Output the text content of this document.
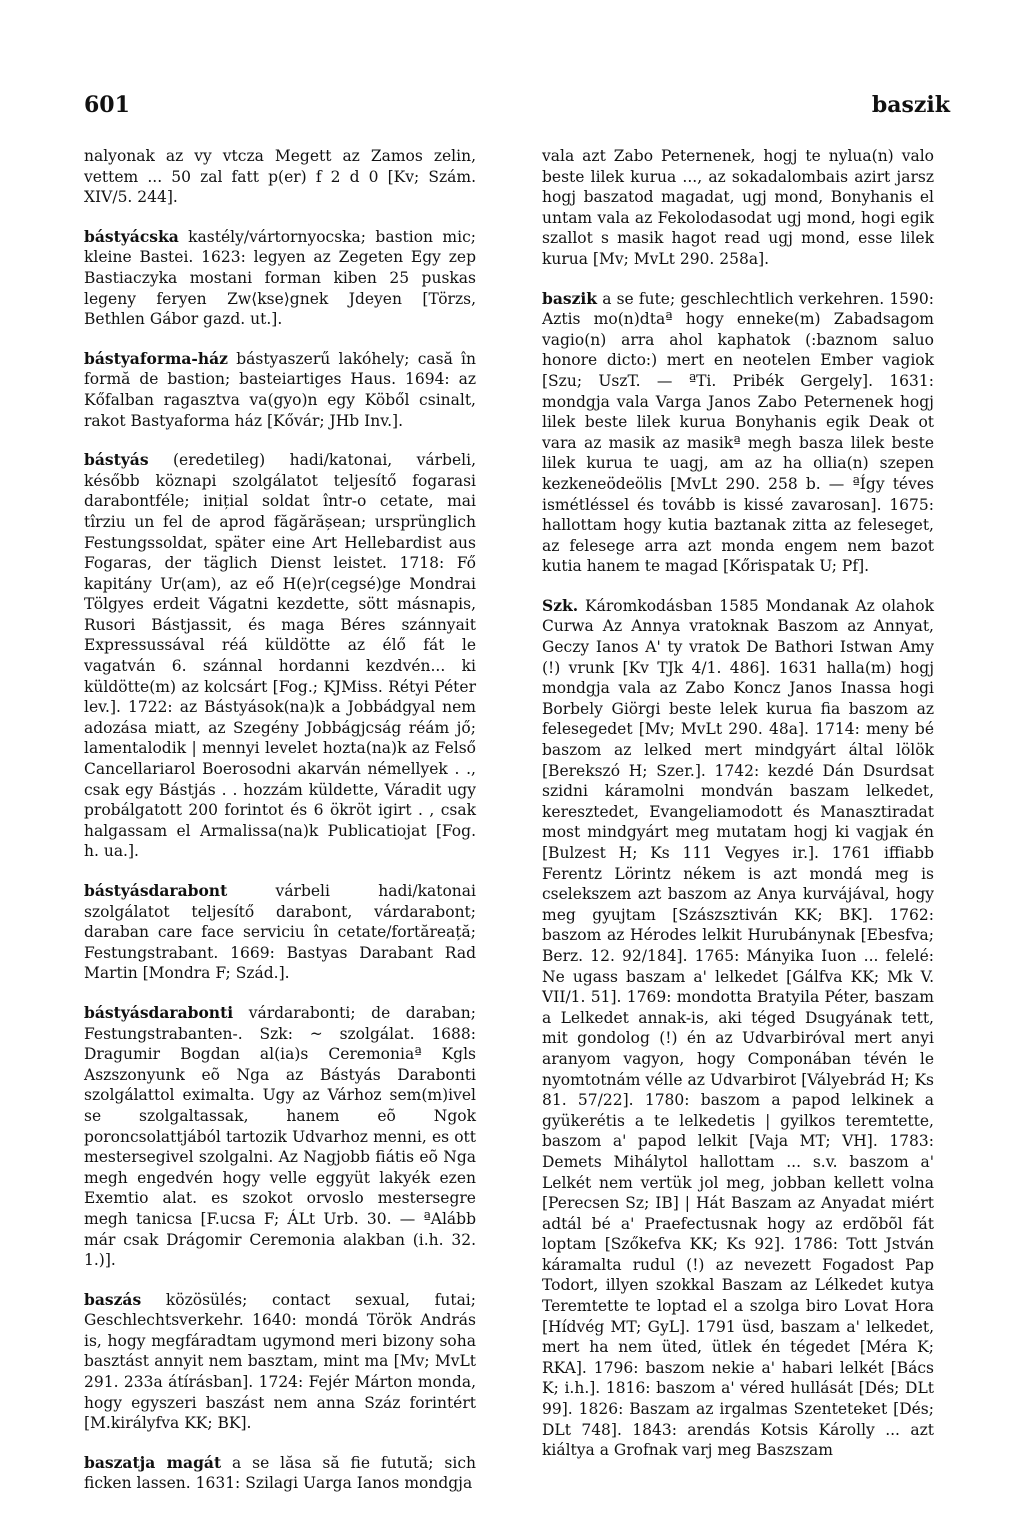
601	baszik

nalyonak az vy vtcza Megett az Zamos zelin, vettem ... 50 zal fatt p(er) f 2 d 0 [Kv; Szám. XIV/5. 244].

bástyácska kastély/vártornyocska; bastion mic; kleine Bastei. 1623: legyen az Zegeten Egy zep Bastiaczyka mostani forman kiben 25 puskas legeny feryen Zw⟨kse⟩gnek Jdeyen [Törzs, Bethlen Gábor gazd. ut.].

bástyaforma-ház bástyaszerű lakóhely; casă în formă de bastion; basteiartiges Haus. 1694: az Kőfalban ragasztva va(gyo)n egy Köből csinalt, rakot Bastyaforma ház [Kővár; JHb Inv.].

bástyás (eredetileg) hadi/katonai, várbeli, később köznapi szolgálatot teljesítő fogarasi darabontféle; inițial soldat într-o cetate, mai tîrziu un fel de aprod făgărășean; ursprünglich Festungssoldat, später eine Art Hellebardist aus Fogaras, der täglich Dienst leistet. 1718: Fő kapitány Ur(am), az eő H(e)r(cegsé)ge Mondrai Tölgyes erdeit Vágatni kezdette, sött másnapis, Rusori Bástjassit, és maga Béres szánnyait Expressussával réá küldötte az élő fát le vagatván 6. szánnal hordanni kezdvén... ki küldötte(m) az kolcsárt [Fog.; KJMiss. Rétyi Péter lev.]. 1722: az Bástyások(na)k a Jobbádgyal nem adozása miatt, az Szegény Jobbágjcság réám jő; lamentalodik | mennyi levelet hozta(na)k az Felső Cancellariarol Boerosodni akarván némellyek . ., csak egy Bástjás . . hozzám küldette, Váradit ugy probálgatott 200 forintot és 6 ökröt igirt . , csak halgassam el Armalissa(na)k Publicatiojat [Fog. h. ua.].

bástyásdarabont várbeli hadi/katonai szolgálatot teljesítő darabont, várdarabont; daraban care face serviciu în cetate/fortăreață; Festungstrabant. 1669: Bastyas Darabant Rad Martin [Mondra F; Szád.].

bástyásdarabonti várdarabonti; de daraban; Festungstrabanten-. Szk: ~ szolgálat. 1688: Dragumir Bogdan al(ia)s Ceremoniaª Kgls Aszszonyunk eõ Nga az Bástyás Darabonti szolgálattol eximalta. Ugy az Várhoz sem(m)ivel se szolgaltassak, hanem eõ Ngok poroncsolattjából tartozik Udvarhoz menni, es ott mestersegivel szolgalni. Az Nagjobb fiátis eõ Nga megh engedvén hogy velle eggyüt lakyék ezen Exemtio alat. es szokot orvoslo mestersegre megh tanicsa [F.ucsa F; ÁLt Urb. 30. — ªAlább már csak Drágomir Ceremonia alakban (i.h. 32. 1.)].

baszás közösülés; contact sexual, futai; Geschlechtsverkehr. 1640: mondá Török András is, hogy megfáradtam ugymond meri bizony soha basztást annyit nem basztam, mint ma [Mv; MvLt 291. 233a átírásban]. 1724: Fejér Márton monda, hogy egyszeri baszást nem anna Száz forintért [M.királyfva KK; BK].

baszatja magát a se lăsa să fie futută; sich ficken lassen. 1631: Szilagi Uarga Ianos mondgja

vala azt Zabo Peternenek, hogj te nylua(n) valo beste lilek kurua ..., az sokadalombais azirt jarsz hogj baszatod magadat, ugj mond, Bonyhanis el untam vala az Fekolodasodat ugj mond, hogi egik szallot s masik hagot read ugj mond, esse lilek kurua [Mv; MvLt 290. 258a].

baszik a se fute; geschlechtlich verkehren. 1590: Aztis mo(n)dtaª hogy enneke(m) Zabadsagom vagio(n) arra ahol kaphatok (:baznom saluo honore dicto:) mert en neotelen Ember vagiok [Szu; UszT. — ªTi. Pribék Gergely]. 1631: mondgja vala Varga Janos Zabo Peternenek hogj lilek beste lilek kurua Bonyhanis egik Deak ot vara az masik az masikª megh basza lilek beste lilek kurua te uagj, am az ha ollia(n) szepen kezkeneödeölis [MvLt 290. 258 b. — ªÍgy téves ismétléssel és tovább is kissé zavarosan]. 1675: hallottam hogy kutia baztanak zitta az feleseget, az felesege arra azt monda engem nem bazot kutia hanem te magad [Kőrispatak U; Pf].

Szk. Káromkodásban 1585 Mondanak Az olahok Curwa Az Annya vratoknak Baszom az Annyat, Geczy Ianos A' ty vratok De Bathori Istwan Amy (!) vrunk [Kv TJk 4/1. 486]. 1631 halla(m) hogj mondgja vala az Zabo Koncz Janos Inassa hogi Borbely Giörgi beste lelek kurua fia baszom az felesegedet [Mv; MvLt 290. 48a]. 1714: meny bé baszom az lelked mert mindgyárt által lölök [Berekszó H; Szer.]. 1742: kezdé Dán Dsurdsat szidni káramolni mondván baszam lelkedet, keresztedet, Evangeliamodott és Manasztiradat most mindgyárt meg mutatam hogj ki vagjak én [Bulzest H; Ks 111 Vegyes ir.]. 1761 iffiabb Ferentz Lörintz nékem is azt mondá meg is cselekszem azt baszom az Anya kurvájával, hogy meg gyujtam [Szászsztiván KK; BK]. 1762: baszom az Hérodes lelkit Hurubánynak [Ebesfva; Berz. 12. 92/184]. 1765: Mányika Iuon ... felelé: Ne ugass baszam a' lelkedet [Gálfva KK; Mk V. VII/1. 51]. 1769: mondotta Bratyila Péter, baszam a Lelkedet annak-is, aki téged Dsugyának tett, mit gondolog (!) én az Udvarbiróval mert anyi aranyom vagyon, hogy Componában tévén le nyomtotnám vélle az Udvarbirot [Vályebrád H; Ks 81. 57/22]. 1780: baszom a papod lelkinek a gyükerétis a te lelkedetis | gyilkos teremtette, baszom a' papod lelkit [Vaja MT; VH]. 1783: Demets Mihálytol hallottam ... s.v. baszom a' Lelkét nem vertük jol meg, jobban kellett volna [Perecsen Sz; IB] | Hát Baszam az Anyadat miért adtál bé a' Praefectusnak hogy az erdõbõl fát loptam [Szőkefva KK; Ks 92]. 1786: Tott Jstván káramalta rudul (!) az nevezett Fogadost Pap Todort, illyen szokkal Baszam az Lélkedet kutya Teremtette te loptad el a szolga biro Lovat Hora [Hídvég MT; GyL]. 1791 üsd, baszam a' lelkedet, mert ha nem üted, ütlek én tégedet [Méra K; RKA]. 1796: baszom nekie a' habari lelkét [Bács K; i.h.]. 1816: baszom a' véred hullását [Dés; DLt 99]. 1826: Baszam az irgalmas Szenteteket [Dés; DLt 748]. 1843: arendás Kotsis Károlly ... azt kiáltya a Grofnak varj meg Baszszam
